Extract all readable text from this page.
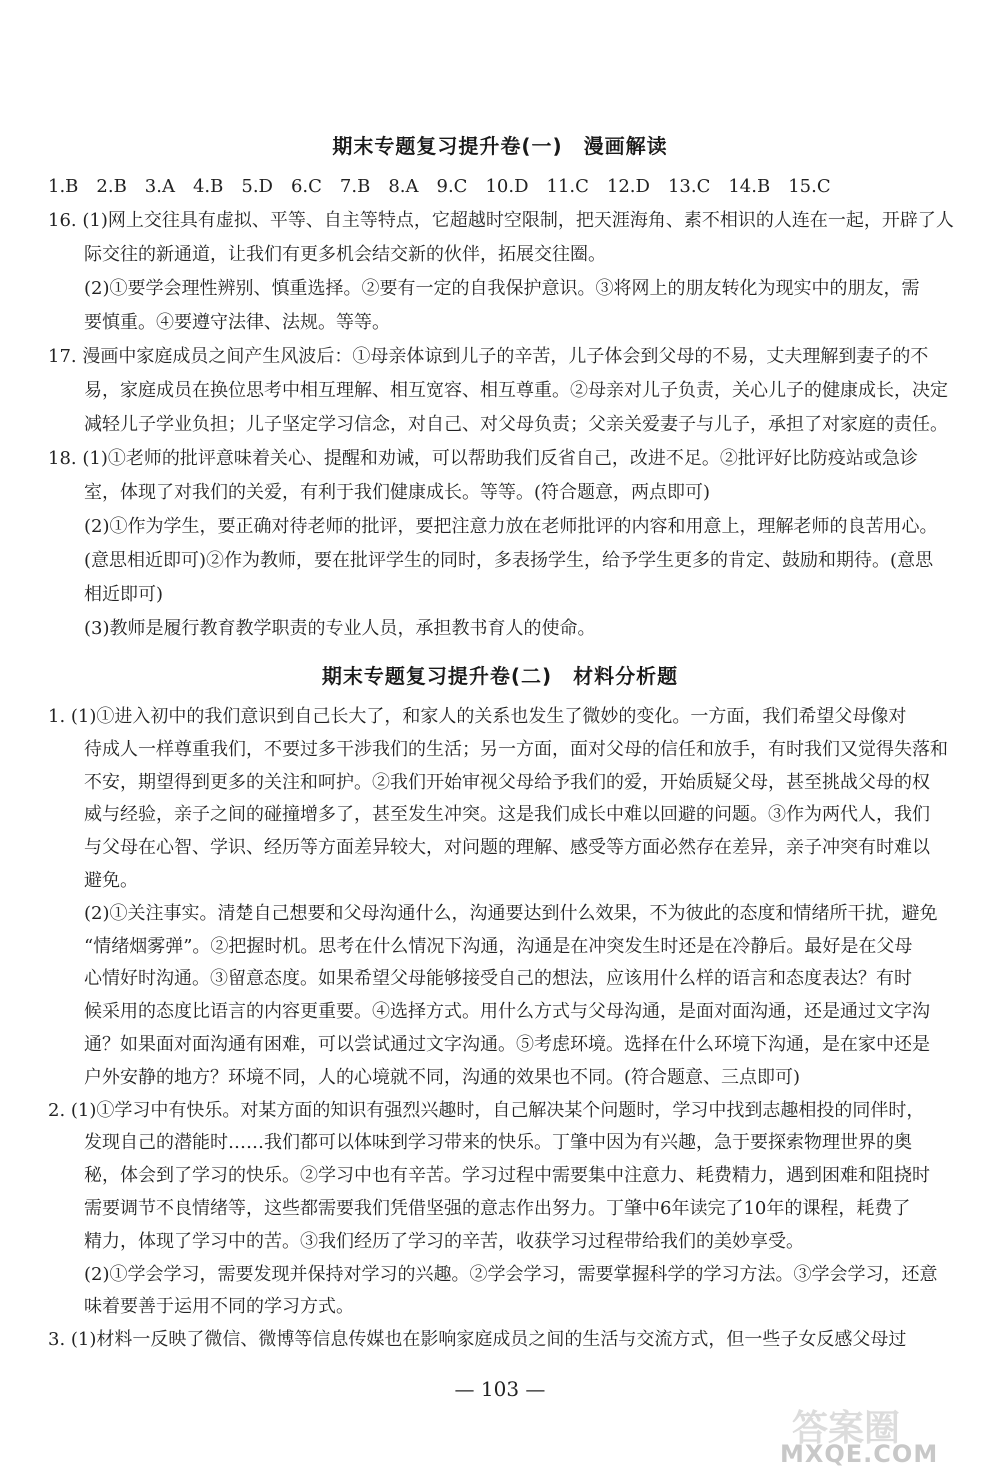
期末专题复习提升卷(一)　漫画解读
1.B　2.B　3.A　4.B　5.D　6.C　7.B　8.A　9.C　10.D　11.C　12.D　13.C　14.B　15.C
16. (1)网上交往具有虚拟、平等、自主等特点，它超越时空限制，把天涯海角、素不相识的人连在一起，开辟了人
际交往的新通道，让我们有更多机会结交新的伙伴，拓展交往圈。
(2)①要学会理性辨别、慎重选择。②要有一定的自我保护意识。③将网上的朋友转化为现实中的朋友，需
要慎重。④要遵守法律、法规。等等。
17. 漫画中家庭成员之间产生风波后：①母亲体谅到儿子的辛苦，儿子体会到父母的不易，丈夫理解到妻子的不
易，家庭成员在换位思考中相互理解、相互宽容、相互尊重。②母亲对儿子负责，关心儿子的健康成长，决定
减轻儿子学业负担；儿子坚定学习信念，对自己、对父母负责；父亲关爱妻子与儿子，承担了对家庭的责任。
18. (1)①老师的批评意味着关心、提醒和劝诫，可以帮助我们反省自己，改进不足。②批评好比防疫站或急诊
室，体现了对我们的关爱，有利于我们健康成长。等等。(符合题意，两点即可)
(2)①作为学生，要正确对待老师的批评，要把注意力放在老师批评的内容和用意上，理解老师的良苦用心。
(意思相近即可)②作为教师，要在批评学生的同时，多表扬学生，给予学生更多的肯定、鼓励和期待。(意思
相近即可)
(3)教师是履行教育教学职责的专业人员，承担教书育人的使命。
期末专题复习提升卷(二)　材料分析题
1. (1)①进入初中的我们意识到自己长大了，和家人的关系也发生了微妙的变化。一方面，我们希望父母像对
待成人一样尊重我们，不要过多干涉我们的生活；另一方面，面对父母的信任和放手，有时我们又觉得失落和
不安，期望得到更多的关注和呵护。②我们开始审视父母给予我们的爱，开始质疑父母，甚至挑战父母的权
威与经验，亲子之间的碰撞增多了，甚至发生冲突。这是我们成长中难以回避的问题。③作为两代人，我们
与父母在心智、学识、经历等方面差异较大，对问题的理解、感受等方面必然存在差异，亲子冲突有时难以
避免。
(2)①关注事实。清楚自己想要和父母沟通什么，沟通要达到什么效果，不为彼此的态度和情绪所干扰，避免
“情绪烟雾弹”。②把握时机。思考在什么情况下沟通，沟通是在冲突发生时还是在冷静后。最好是在父母
心情好时沟通。③留意态度。如果希望父母能够接受自己的想法，应该用什么样的语言和态度表达？有时
候采用的态度比语言的内容更重要。④选择方式。用什么方式与父母沟通，是面对面沟通，还是通过文字沟
通？如果面对面沟通有困难，可以尝试通过文字沟通。⑤考虑环境。选择在什么环境下沟通，是在家中还是
户外安静的地方？环境不同，人的心境就不同，沟通的效果也不同。(符合题意、三点即可)
2. (1)①学习中有快乐。对某方面的知识有强烈兴趣时，自己解决某个问题时，学习中找到志趣相投的同伴时，
发现自己的潜能时……我们都可以体味到学习带来的快乐。丁肇中因为有兴趣，急于要探索物理世界的奥
秘，体会到了学习的快乐。②学习中也有辛苦。学习过程中需要集中注意力、耗费精力，遇到困难和阻挠时
需要调节不良情绪等，这些都需要我们凭借坚强的意志作出努力。丁肇中6年读完了10年的课程，耗费了
精力，体现了学习中的苦。③我们经历了学习的辛苦，收获学习过程带给我们的美妙享受。
(2)①学会学习，需要发现并保持对学习的兴趣。②学会学习，需要掌握科学的学习方法。③学会学习，还意
味着要善于运用不同的学习方式。
3. (1)材料一反映了微信、微博等信息传媒也在影响家庭成员之间的生活与交流方式，但一些子女反感父母过
— 103 —
答案圈
MXQE.COM
